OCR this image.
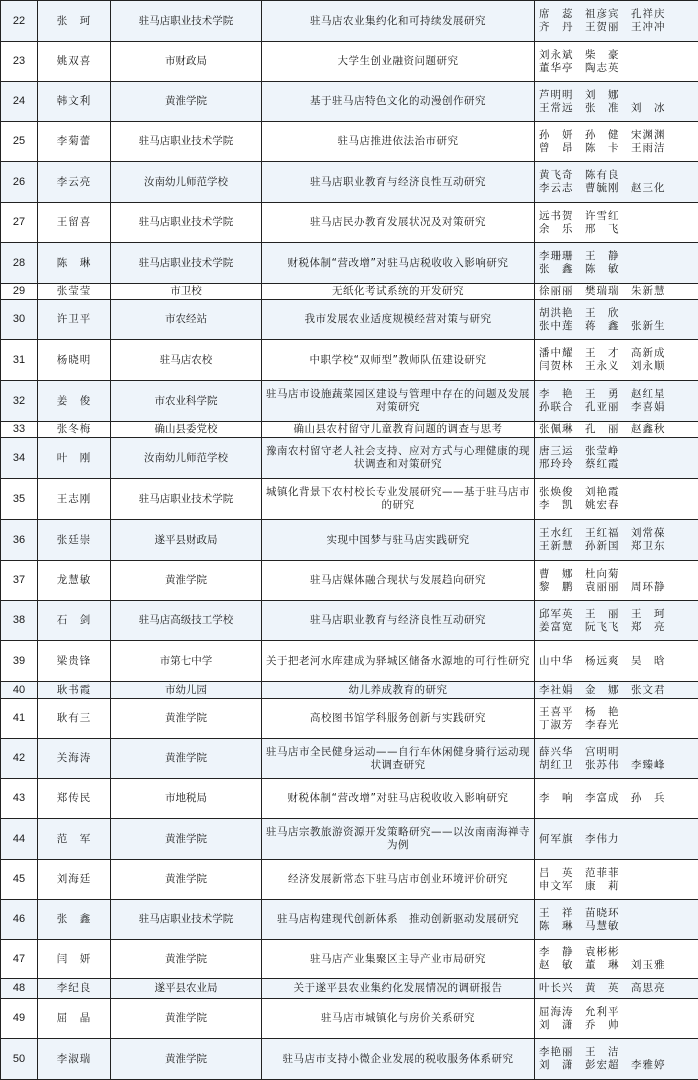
22	张　珂	驻马店职业技术学院	驻马店农业集约化和可持续发展研究	席　蕊　祖彦宾　孔祥庆
齐　丹　王贺丽　王冲冲

23	姚双喜	市财政局	大学生创业融资问题研究	刘永斌　柴　豪
董华亭　陶志英

24	韩文利	黄淮学院	基于驻马店特色文化的动漫创作研究	芦明明　刘　娜
王常远　张　准　刘　冰

25	李菊蕾	驻马店职业技术学院	驻马店推进依法治市研究	孙　妍　孙　健　宋渊渊
曾　昂　陈　卡　王雨洁

26	李云亮	汝南幼儿师范学校	驻马店职业教育与经济良性互动研究	黄飞奇　陈有良
李云志　曹毓刚　赵三化

27	王留喜	驻马店职业技术学院	驻马店民办教育发展状况及对策研究	远书贺　许雪红
余　乐　邢　飞

28	陈　琳	驻马店职业技术学院	财税体制“营改增”对驻马店税收收入影响研究	李珊珊　王　静
张　鑫　陈　敏

29	张莹莹	市卫校	无纸化考试系统的开发研究	徐丽丽　樊瑞瑞　朱新慧

30	许卫平	市农经站	我市发展农业适度规模经营对策与研究	胡洪艳　王　欣
张中莲　蒋　鑫　张新生

31	杨晓明	驻马店农校	中职学校“双师型”教师队伍建设研究	潘中耀　王　才　高新成
闫贺林　王永义　刘永顺

32	姜　俊	市农业科学院	驻马店市设施蔬菜园区建设与管理中存在的问题及发展对策研究	李　艳　王　勇　赵红星
孙联合　孔亚丽　李喜娟

33	张冬梅	确山县委党校	确山县农村留守儿童教育问题的调查与思考	张佩琳　孔　丽　赵鑫秋

34	叶　刚	汝南幼儿师范学校	豫南农村留守老人社会支持、应对方式与心理健康的现状调查和对策研究	唐三运　张莹峥
邢玲玲　蔡红霞

35	王志刚	驻马店职业技术学院	城镇化背景下农村校长专业发展研究——基于驻马店市的研究	张焕俊　刘艳霞
李　凯　姚宏春

36	张廷崇	遂平县财政局	实现中国梦与驻马店实践研究	王水红　王红福　刘常葆
王新慧　孙新国　郑卫东

37	龙慧敏	黄淮学院	驻马店媒体融合现状与发展趋向研究	曹　娜　杜向菊
黎　鹏　袁丽丽　周环静

38	石　剑	驻马店高级技工学校	驻马店职业教育与经济良性互动研究	邱军英　王　丽　王　珂
姜富宽　阮飞飞　郑　亮

39	梁贵锋	市第七中学	关于把老河水库建成为驿城区储备水源地的可行性研究	山中华　杨远爽　吴　晗

40	耿书霞	市幼儿园	幼儿养成教育的研究	李社娟　金　娜　张文君

41	耿有三	黄淮学院	高校图书馆学科服务创新与实践研究	王喜平　杨　艳
丁淑芳　李春光

42	关海涛	黄淮学院	驻马店市全民健身运动——自行车休闲健身骑行运动现状调查研究	薛兴华　宫明明
胡红卫　张苏伟　李臻峰

43	郑传民	市地税局	财税体制“营改增”对驻马店税收收入影响研究	李　响　李富成　孙　兵

44	范　军	黄淮学院	驻马店宗教旅游资源开发策略研究——以汝南南海禅寺为例	何军旗　李伟力

45	刘海廷	黄淮学院	经济发展新常态下驻马店市创业环境评价研究	吕　英　范菲菲
申文军　康　莉

46	张　鑫	驻马店职业技术学院	驻马店构建现代创新体系　推动创新驱动发展研究	王　祥　苗晓环
陈　琳　马慧敏

47	闫　妍	黄淮学院	驻马店产业集聚区主导产业市局研究	李　静　袁彬彬
赵　敏　董　琳　刘玉雅

48	李纪良	遂平县农业局	关于遂平县农业集约化发展情况的调研报告	叶长兴　黄　英　高思亮

49	屈　晶	黄淮学院	驻马店市城镇化与房价关系研究	屈海涛　允利平
刘　潇　乔　帅

50	李淑瑞	黄淮学院	驻马店市支持小微企业发展的税收服务体系研究	李艳丽　王　洁
刘　潇　彭宏超　李雅婷
